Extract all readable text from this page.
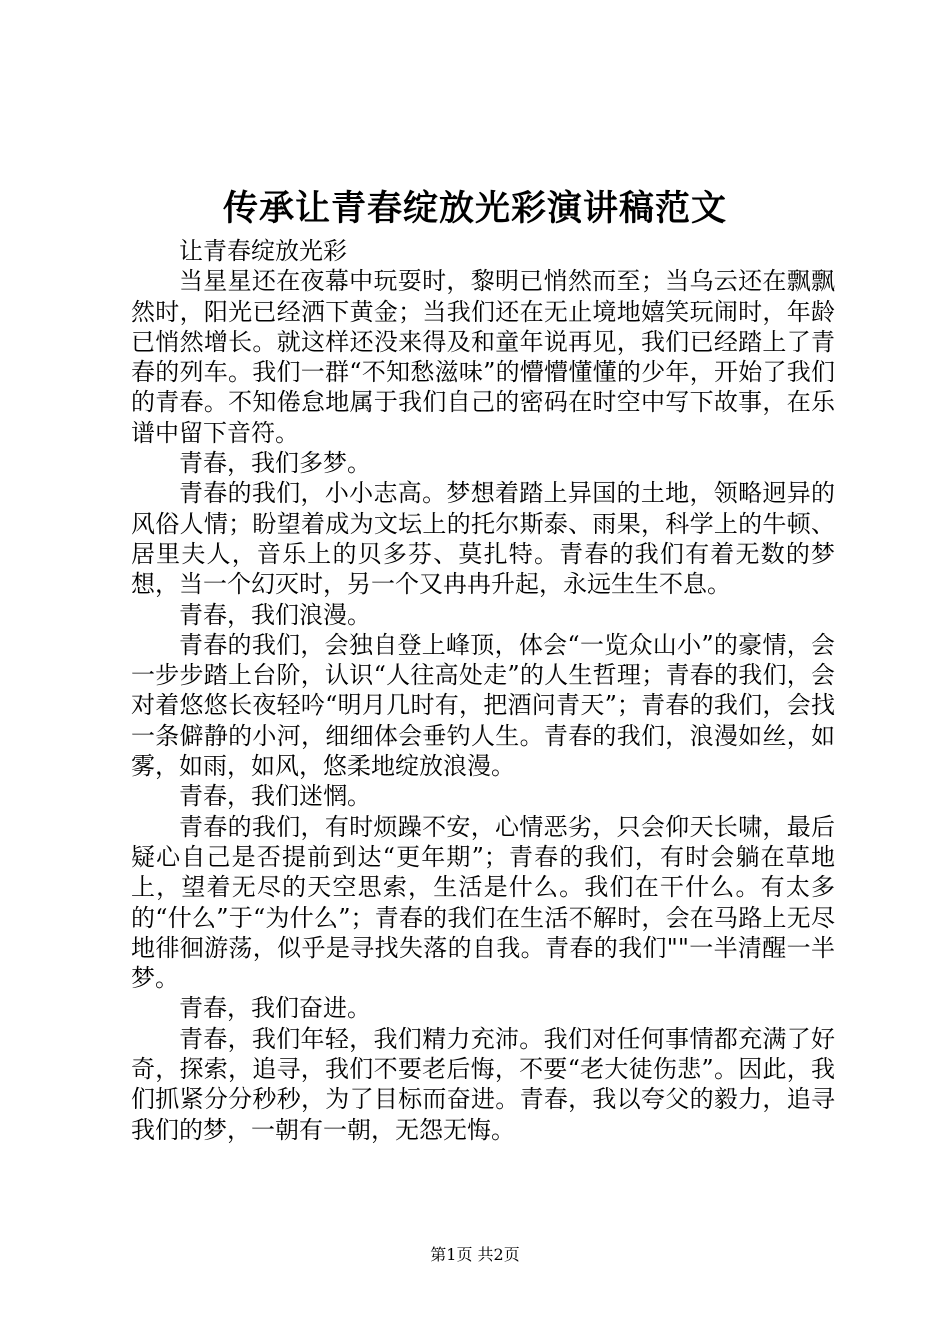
传承让青春绽放光彩演讲稿范文

让青春绽放光彩

当星星还在夜幕中玩耍时，黎明已悄然而至；当乌云还在飘飘然时，阳光已经洒下黄金；当我们还在无止境地嬉笑玩闹时，年龄已悄然增长。就这样还没来得及和童年说再见，我们已经踏上了青春的列车。我们一群“不知愁滋味”的懵懵懂懂的少年，开始了我们的青春。不知倦怠地属于我们自己的密码在时空中写下故事，在乐谱中留下音符。

青春，我们多梦。

青春的我们，小小志高。梦想着踏上异国的土地，领略迥异的风俗人情；盼望着成为文坛上的托尔斯泰、雨果，科学上的牛顿、居里夫人，音乐上的贝多芬、莫扎特。青春的我们有着无数的梦想，当一个幻灭时，另一个又冉冉升起，永远生生不息。

青春，我们浪漫。

青春的我们，会独自登上峰顶，体会“一览众山小”的豪情，会一步步踏上台阶，认识“人往高处走”的人生哲理；青春的我们，会对着悠悠长夜轻吟“明月几时有，把酒问青天”；青春的我们，会找一条僻静的小河，细细体会垂钓人生。青春的我们，浪漫如丝，如雾，如雨，如风，悠柔地绽放浪漫。

青春，我们迷惘。

青春的我们，有时烦躁不安，心情恶劣，只会仰天长啸，最后疑心自己是否提前到达“更年期”；青春的我们，有时会躺在草地上，望着无尽的天空思索，生活是什么。我们在干什么。有太多的“什么”于“为什么”；青春的我们在生活不解时，会在马路上无尽地徘徊游荡，似乎是寻找失落的自我。青春的我们""一半清醒一半梦。

青春，我们奋进。

青春，我们年轻，我们精力充沛。我们对任何事情都充满了好奇，探索，追寻，我们不要老后悔，不要“老大徒伤悲”。因此，我们抓紧分分秒秒，为了目标而奋进。青春，我以夸父的毅力，追寻我们的梦，一朝有一朝，无怨无悔。

第1页 共2页
